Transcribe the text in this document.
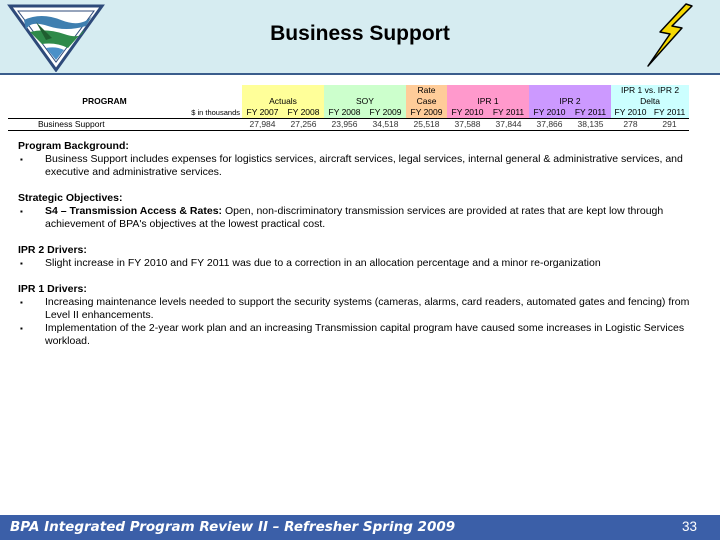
Business Support
						Rate					IPR 1 vs. IPR 2	
PROGRAM		Actuals		SOY		Case	IPR 1		IPR 2		Delta	
$ in thousands		FY 2007	FY 2008	FY 2008	FY 2009	FY 2009	FY 2010	FY 2011	FY 2010	FY 2011	FY 2010	FY 2011
Business Support		27,984	27,256	23,956	34,518	25,518	37,588	37,844	37,866	38,135	278	291
Program Background:
▪ Business Support includes expenses for logistics services, aircraft services, legal services, internal general & administrative services, and executive and administrative services.
Strategic Objectives:
▪ S4 – Transmission Access & Rates: Open, non-discriminatory transmission services are provided at rates that are kept low through achievement of BPA's objectives at the lowest practical cost.
IPR 2 Drivers:
▪ Slight increase in FY 2010 and FY 2011 was due to a correction in an allocation percentage and a minor re-organization
IPR 1 Drivers:
▪ Increasing maintenance levels needed to support the security systems (cameras, alarms, card readers, automated gates and fencing) from Level II enhancements.
▪ Implementation of the 2-year work plan and an increasing Transmission capital program have caused some increases in Logistic Services workload.
BPA Integrated Program Review II – Refresher Spring 2009	33
